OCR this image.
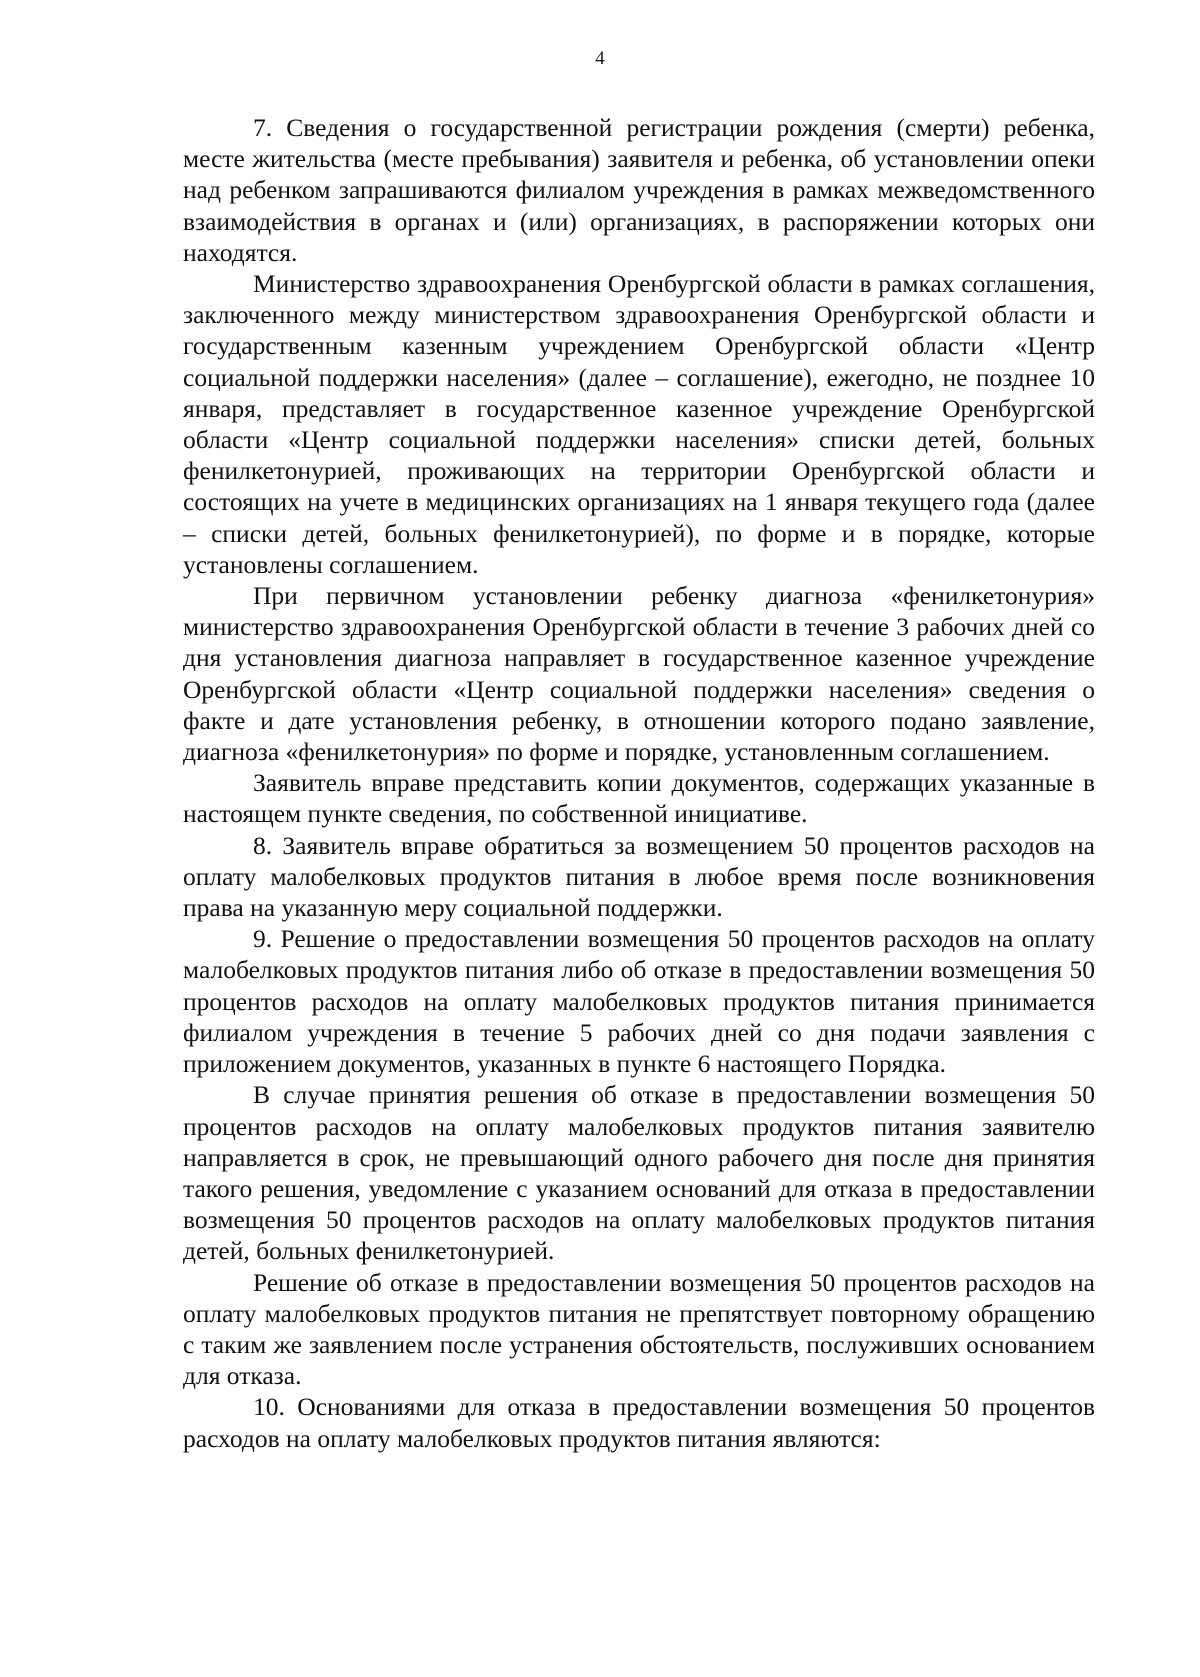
4

7. Сведения о государственной регистрации рождения (смерти) ребенка, месте жительства (месте пребывания) заявителя и ребенка, об установлении опеки над ребенком запрашиваются филиалом учреждения в рамках межведомственного взаимодействия в органах и (или) организациях, в распоряжении которых они находятся.

Министерство здравоохранения Оренбургской области в рамках соглашения, заключенного между министерством здравоохранения Оренбургской области и государственным казенным учреждением Оренбургской области «Центр социальной поддержки населения» (далее – соглашение), ежегодно, не позднее 10 января, представляет в государственное казенное учреждение Оренбургской области «Центр социальной поддержки населения» списки детей, больных фенилкетонурией, проживающих на территории Оренбургской области и состоящих на учете в медицинских организациях на 1 января текущего года (далее – списки детей, больных фенилкетонурией), по форме и в порядке, которые установлены соглашением.

При первичном установлении ребенку диагноза «фенилкетонурия» министерство здравоохранения Оренбургской области в течение 3 рабочих дней со дня установления диагноза направляет в государственное казенное учреждение Оренбургской области «Центр социальной поддержки населения» сведения о факте и дате установления ребенку, в отношении которого подано заявление, диагноза «фенилкетонурия» по форме и порядке, установленным соглашением.

Заявитель вправе представить копии документов, содержащих указанные в настоящем пункте сведения, по собственной инициативе.

8. Заявитель вправе обратиться за возмещением 50 процентов расходов на оплату малобелковых продуктов питания в любое время после возникновения права на указанную меру социальной поддержки.

9. Решение о предоставлении возмещения 50 процентов расходов на оплату малобелковых продуктов питания либо об отказе в предоставлении возмещения 50 процентов расходов на оплату малобелковых продуктов питания принимается филиалом учреждения в течение 5 рабочих дней со дня подачи заявления с приложением документов, указанных в пункте 6 настоящего Порядка.

В случае принятия решения об отказе в предоставлении возмещения 50 процентов расходов на оплату малобелковых продуктов питания заявителю направляется в срок, не превышающий одного рабочего дня после дня принятия такого решения, уведомление с указанием оснований для отказа в предоставлении возмещения 50 процентов расходов на оплату малобелковых продуктов питания детей, больных фенилкетонурией.

Решение об отказе в предоставлении возмещения 50 процентов расходов на оплату малобелковых продуктов питания не препятствует повторному обращению с таким же заявлением после устранения обстоятельств, послуживших основанием для отказа.

10. Основаниями для отказа в предоставлении возмещения 50 процентов расходов на оплату малобелковых продуктов питания являются:
